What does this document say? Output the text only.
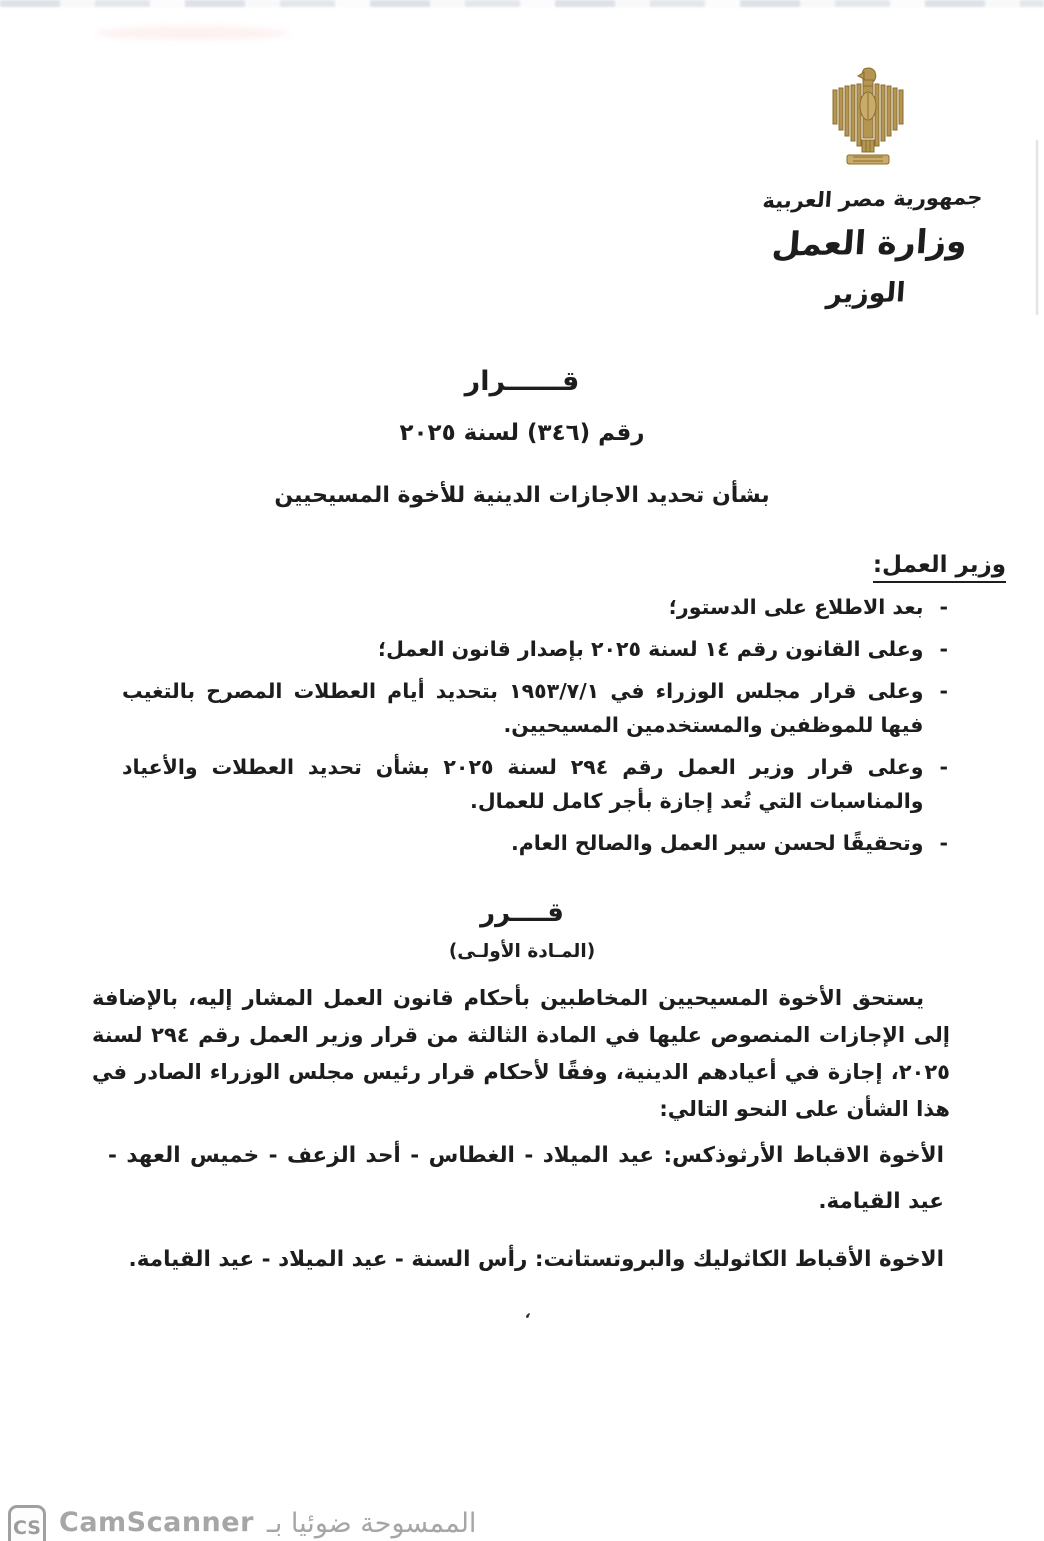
ʻ
جمهورية مصر العربية
وزارة العمل
الوزير
قــــــرار
رقم (٣٤٦) لسنة ٢٠٢٥
بشأن تحديد الاجازات الدينية للأخوة المسيحيين
وزير العمل:
-
بعد الاطلاع على الدستور؛
-
وعلى القانون رقم ١٤ لسنة ٢٠٢٥ بإصدار قانون العمل؛
-
وعلى قرار مجلس الوزراء في ١٩٥٣/٧/١ بتحديد أيام العطلات المصرح بالتغيب فيها للموظفين والمستخدمين المسيحيين.
-
وعلى قرار وزير العمل رقم ٢٩٤ لسنة ٢٠٢٥ بشأن تحديد العطلات والأعياد والمناسبات التي تُعد إجازة بأجر كامل للعمال.
-
وتحقيقًا لحسن سير العمل والصالح العام.
قــــرر
(المـادة الأولـى)
يستحق الأخوة المسيحيين المخاطبين بأحكام قانون العمل المشار إليه، بالإضافة إلى الإجازات المنصوص عليها في المادة الثالثة من قرار وزير العمل رقم ٢٩٤ لسنة ٢٠٢٥، إجازة في أعيادهم الدينية، وفقًا لأحكام قرار رئيس مجلس الوزراء الصادر في هذا الشأن على النحو التالي:
الأخوة الاقباط الأرثوذكس: عيد الميلاد - الغطاس - أحد الزعف - خميس العهد - عيد القيامة.
الاخوة الأقباط الكاثوليك والبروتستانت: رأس السنة - عيد الميلاد - عيد القيامة.
CS CamScanner الممسوحة ضوئيا بـ
